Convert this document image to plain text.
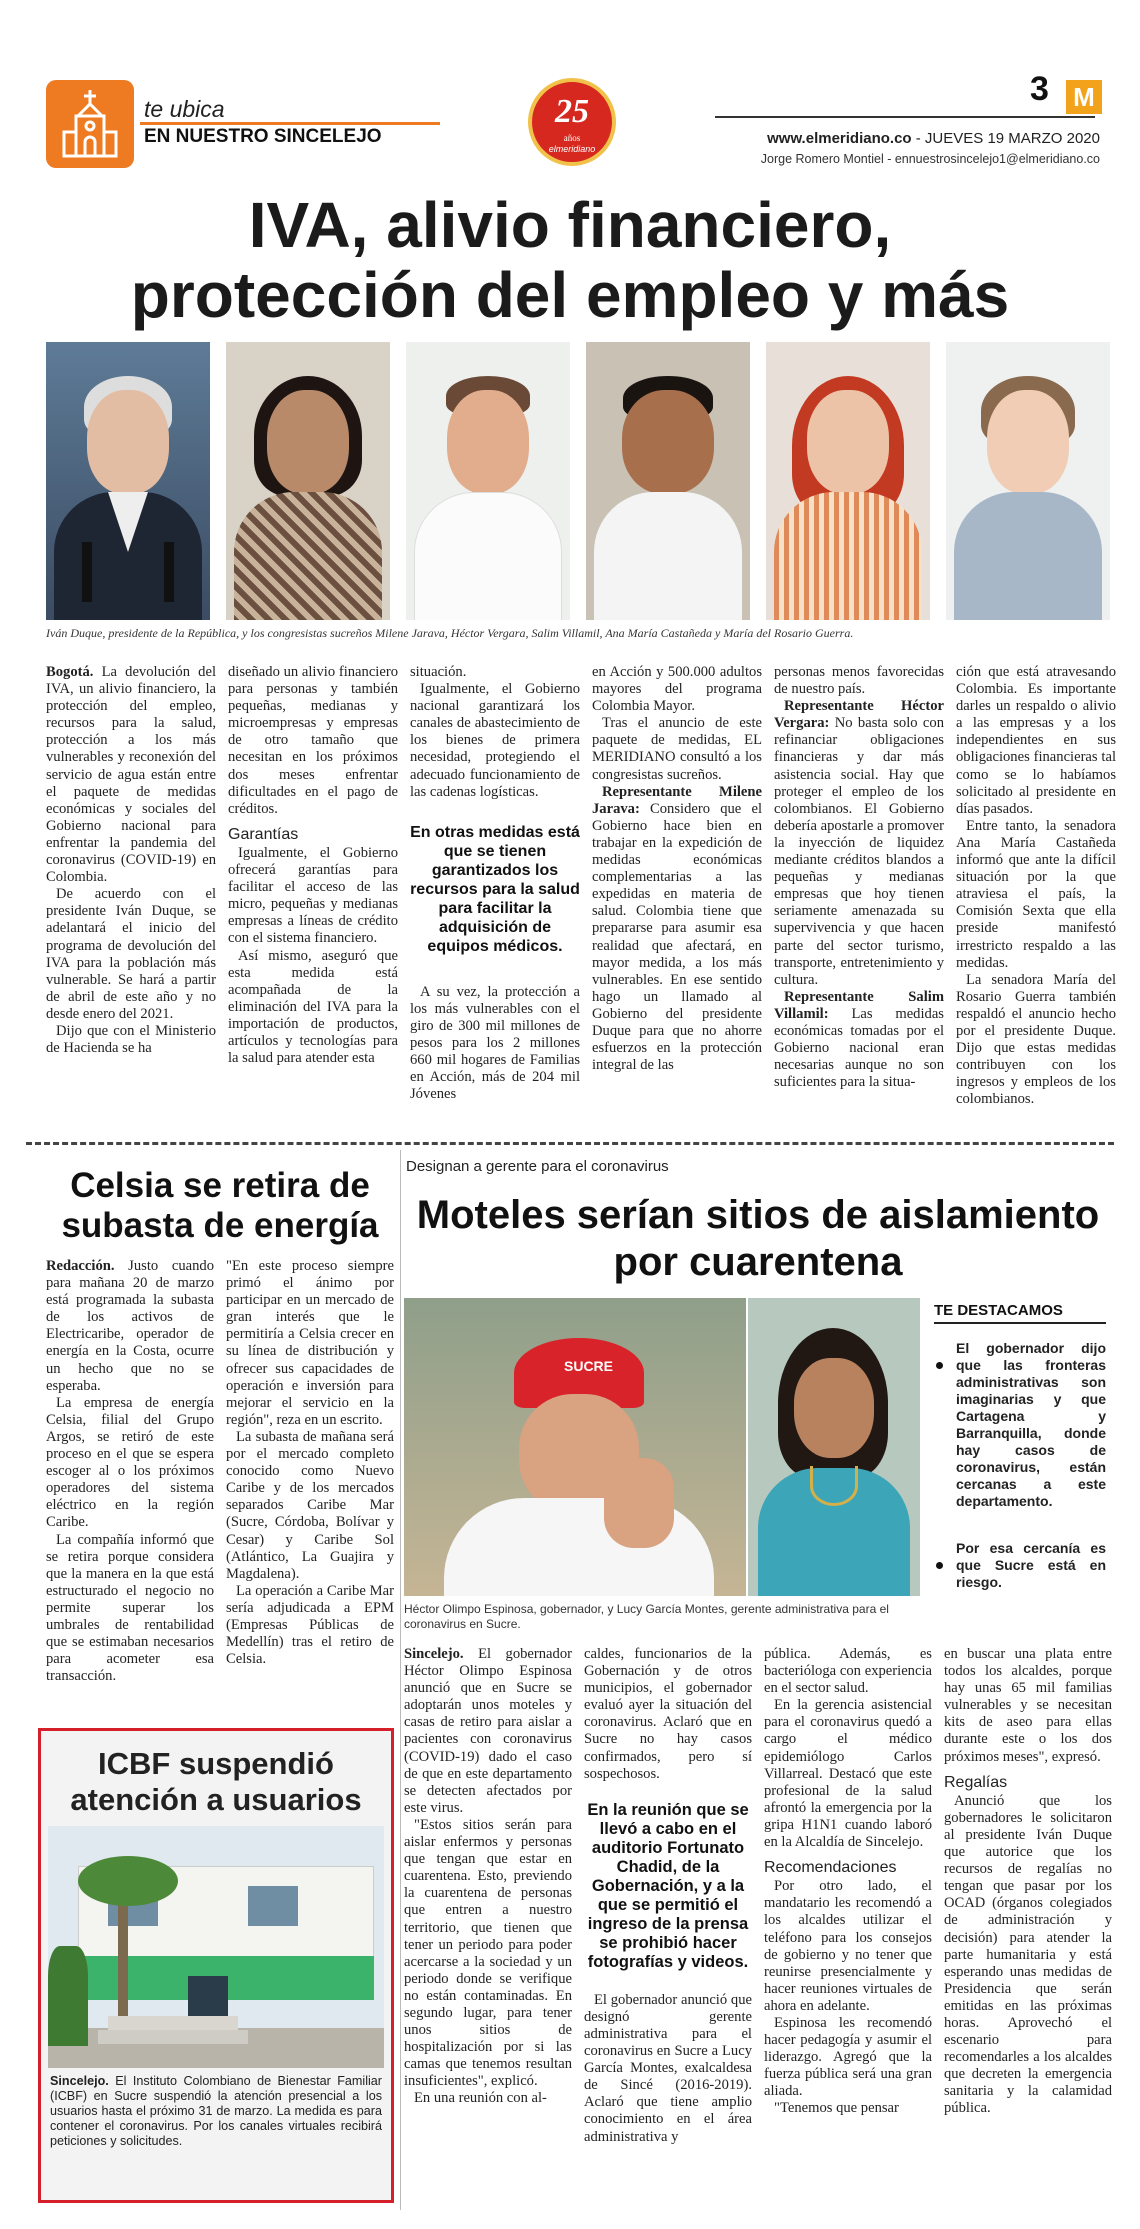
te ubica
EN NUESTRO SINCELEJO
25
años
elmeridiano
3 M
www.elmeridiano.co - JUEVES 19 MARZO 2020
Jorge Romero Montiel - ennuestrosincelejo1@elmeridiano.co
IVA, alivio financiero,
protección del empleo y más
Iván Duque, presidente de la República, y los congresistas sucreños Milene Jarava, Héctor Vergara, Salim Villamil, Ana María Castañeda y María del Rosario Guerra.

Bogotá. La devolución del IVA, un alivio financiero, la protección del empleo, recursos para la salud, protección a los más vulnerables y reconexión del servicio de agua están entre el paquete de medidas económicas y sociales del Gobierno nacional para enfrentar la pandemia del coronavirus (COVID-19) en Colombia.

De acuerdo con el presidente Iván Duque, se adelantará el inicio del programa de devolución del IVA para la población más vulnerable. Se hará a partir de abril de este año y no desde enero del 2021.

Dijo que con el Ministerio de Hacienda se ha

diseñado un alivio financiero para personas y también pequeñas, medianas y microempresas y empresas de otro tamaño que necesitan en los próximos dos meses enfrentar dificultades en el pago de créditos.

Garantías

Igualmente, el Gobierno ofrecerá garantías para facilitar el acceso de las micro, pequeñas y medianas empresas a líneas de crédito con el sistema financiero.

Así mismo, aseguró que esta medida está acompañada de la eliminación del IVA para la importación de productos, artículos y tecnologías para la salud para atender esta

situación.

Igualmente, el Gobierno nacional garantizará los canales de abastecimiento de los bienes de primera necesidad, protegiendo el adecuado funcionamiento de las cadenas logísticas.

En otras medidas está que se tienen garantizados los recursos para la salud para facilitar la adquisición de equipos médicos.

A su vez, la protección a los más vulnerables con el giro de 300 mil millones de pesos para los 2 millones 660 mil hogares de Familias en Acción, más de 204 mil Jóvenes

en Acción y 500.000 adultos mayores del programa Colombia Mayor.

Tras el anuncio de este paquete de medidas, EL MERIDIANO consultó a los congresistas sucreños.

Representante Milene Jarava: Considero que el Gobierno hace bien en trabajar en la expedición de medidas económicas complementarias a las expedidas en materia de salud. Colombia tiene que prepararse para asumir esa realidad que afectará, en mayor medida, a los más vulnerables. En ese sentido hago un llamado al Gobierno del presidente Duque para que no ahorre esfuerzos en la protección integral de las

personas menos favorecidas de nuestro país.

Representante Héctor Vergara: No basta solo con refinanciar obligaciones financieras y dar más asistencia social. Hay que proteger el empleo de los colombianos. El Gobierno debería apostarle a promover la inyección de liquidez mediante créditos blandos a pequeñas y medianas empresas que hoy tienen seriamente amenazada su supervivencia y que hacen parte del sector turismo, transporte, entretenimiento y cultura.

Representante Salim Villamil: Las medidas económicas tomadas por el Gobierno nacional eran necesarias aunque no son suficientes para la situa-

ción que está atravesando Colombia. Es importante darles un respaldo o alivio a las empresas y a los independientes en sus obligaciones financieras tal como se lo habíamos solicitado al presidente en días pasados.

Entre tanto, la senadora Ana María Castañeda informó que ante la difícil situación por la que atraviesa el país, la Comisión Sexta que ella preside manifestó irrestricto respaldo a las medidas.

La senadora María del Rosario Guerra también respaldó el anuncio hecho por el presidente Duque. Dijo que estas medidas contribuyen con los ingresos y empleos de los colombianos.

Celsia se retira de subasta de energía

Redacción. Justo cuando para mañana 20 de marzo está programada la subasta de los activos de Electricaribe, operador de energía en la Costa, ocurre un hecho que no se esperaba.

La empresa de energía Celsia, filial del Grupo Argos, se retiró de este proceso en el que se espera escoger al o los próximos operadores del sistema eléctrico en la región Caribe.

La compañía informó que se retira porque considera que la manera en la que está estructurado el negocio no permite superar los umbrales de rentabilidad que se estimaban necesarios para acometer esa transacción.

"En este proceso siempre primó el ánimo por participar en un mercado de gran interés que le permitiría a Celsia crecer en su línea de distribución y ofrecer sus capacidades de operación e inversión para mejorar el servicio en la región", reza en un escrito.

La subasta de mañana será por el mercado completo conocido como Nuevo Caribe y de los mercados separados Caribe Mar (Sucre, Córdoba, Bolívar y Cesar) y Caribe Sol (Atlántico, La Guajira y Magdalena).

La operación a Caribe Mar sería adjudicada a EPM (Empresas Públicas de Medellín) tras el retiro de Celsia.

ICBF suspendió atención a usuarios
Sincelejo. El Instituto Colombiano de Bienestar Familiar (ICBF) en Sucre suspendió la atención presencial a los usuarios hasta el próximo 31 de marzo. La medida es para contener el coronavirus. Por los canales virtuales recibirá peticiones y solicitudes.
Designan a gerente para el coronavirus
Moteles serían sitios de aislamiento por cuarentena
SUCRE
Héctor Olimpo Espinosa, gobernador, y Lucy García Montes, gerente administrativa para el coronavirus en Sucre.
TE DESTACAMOS
El gobernador dijo que las fronteras administrativas son imaginarias y que Cartagena y Barranquilla, donde hay casos de coronavirus, están cercanas a este departamento.
Por esa cercanía es que Sucre está en riesgo.

Sincelejo. El gobernador Héctor Olimpo Espinosa anunció que en Sucre se adoptarán unos moteles y casas de retiro para aislar a pacientes con coronavirus (COVID-19) dado el caso de que en este departamento se detecten afectados por este virus.

"Estos sitios serán para aislar enfermos y personas que tengan que estar en cuarentena. Esto, previendo la cuarentena de personas que entren a nuestro territorio, que tienen que tener un periodo para poder acercarse a la sociedad y un periodo donde se verifique no están contaminadas. En segundo lugar, para tener unos sitios de hospitalización por si las camas que tenemos resultan insuficientes", explicó.

En una reunión con al-

caldes, funcionarios de la Gobernación y de otros municipios, el gobernador evaluó ayer la situación del coronavirus. Aclaró que en Sucre no hay casos confirmados, pero sí sospechosos.

En la reunión que se llevó a cabo en el auditorio Fortunato Chadid, de la Gobernación, y a la que se permitió el ingreso de la prensa se prohibió hacer fotografías y videos.

El gobernador anunció que designó gerente administrativa para el coronavirus en Sucre a Lucy García Montes, exalcaldesa de Sincé (2016-2019). Aclaró que tiene amplio conocimiento en el área administrativa y

pública. Además, es bacterióloga con experiencia en el sector salud.

En la gerencia asistencial para el coronavirus quedó a cargo el médico epidemiólogo Carlos Villarreal. Destacó que este profesional de la salud afrontó la emergencia por la gripa H1N1 cuando laboró en la Alcaldía de Sincelejo.

Recomendaciones

Por otro lado, el mandatario les recomendó a los alcaldes utilizar el teléfono para los consejos de gobierno y no tener que reunirse presencialmente y hacer reuniones virtuales de ahora en adelante.

Espinosa les recomendó hacer pedagogía y asumir el liderazgo. Agregó que la fuerza pública será una gran aliada.

"Tenemos que pensar

en buscar una plata entre todos los alcaldes, porque hay unas 65 mil familias vulnerables y se necesitan kits de aseo para ellas durante este o los dos próximos meses", expresó.

Regalías

Anunció que los gobernadores le solicitaron al presidente Iván Duque que autorice que los recursos de regalías no tengan que pasar por los OCAD (órganos colegiados de administración y decisión) para atender la parte humanitaria y está esperando unas medidas de Presidencia que serán emitidas en las próximas horas. Aprovechó el escenario para recomendarles a los alcaldes que decreten la emergencia sanitaria y la calamidad pública.
